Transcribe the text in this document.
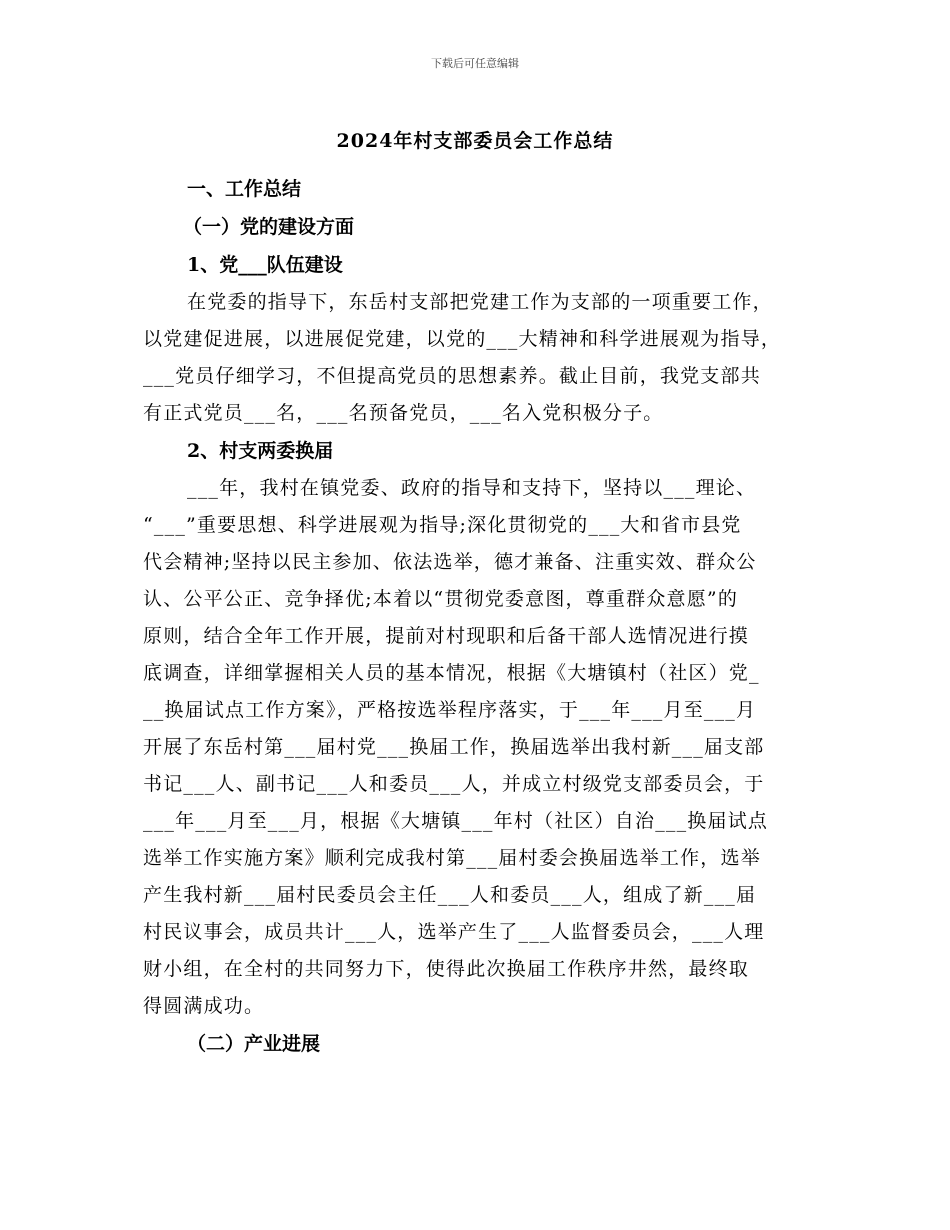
下载后可任意编辑
2024年村支部委员会工作总结
一、工作总结
（一）党的建设方面
1、党___队伍建设
在党委的指导下，东岳村支部把党建工作为支部的一项重要工作，
以党建促进展，以进展促党建，以党的___大精神和科学进展观为指导，
___党员仔细学习，不但提高党员的思想素养。截止目前，我党支部共
有正式党员___名，___名预备党员，___名入党积极分子。
2、村支两委换届
___年，我村在镇党委、政府的指导和支持下，坚持以___理论、
“___”重要思想、科学进展观为指导;深化贯彻党的___大和省市县党
代会精神;坚持以民主参加、依法选举，德才兼备、注重实效、群众公
认、公平公正、竞争择优;本着以“贯彻党委意图，尊重群众意愿”的
原则，结合全年工作开展，提前对村现职和后备干部人选情况进行摸
底调查，详细掌握相关人员的基本情况，根据《大塘镇村（社区）党_
__换届试点工作方案》，严格按选举程序落实，于___年___月至___月
开展了东岳村第___届村党___换届工作，换届选举出我村新___届支部
书记___人、副书记___人和委员___人，并成立村级党支部委员会，于
___年___月至___月，根据《大塘镇___年村（社区）自治___换届试点
选举工作实施方案》顺利完成我村第___届村委会换届选举工作，选举
产生我村新___届村民委员会主任___人和委员___人，组成了新___届
村民议事会，成员共计___人，选举产生了___人监督委员会，___人理
财小组，在全村的共同努力下，使得此次换届工作秩序井然，最终取
得圆满成功。
（二）产业进展
